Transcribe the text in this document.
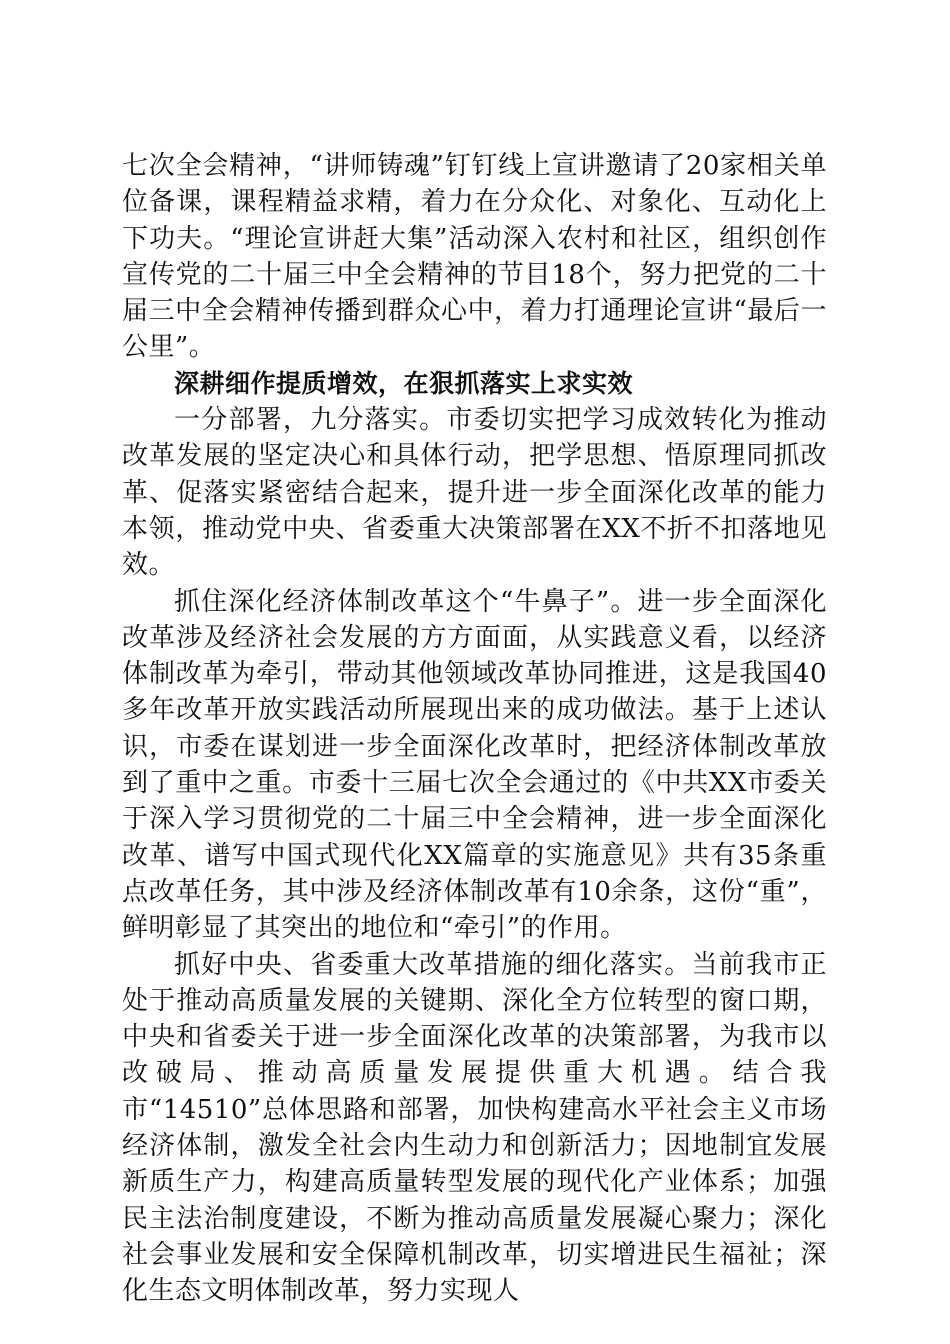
七次全会精神，“讲师铸魂”钉钉线上宣讲邀请了20家相关单位备课，课程精益求精，着力在分众化、对象化、互动化上下功夫。“理论宣讲赶大集”活动深入农村和社区，组织创作宣传党的二十届三中全会精神的节目18个，努力把党的二十届三中全会精神传播到群众心中，着力打通理论宣讲“最后一公里”。

深耕细作提质增效，在狠抓落实上求实效

一分部署，九分落实。市委切实把学习成效转化为推动改革发展的坚定决心和具体行动，把学思想、悟原理同抓改革、促落实紧密结合起来，提升进一步全面深化改革的能力本领，推动党中央、省委重大决策部署在XX不折不扣落地见效。

抓住深化经济体制改革这个“牛鼻子”。进一步全面深化改革涉及经济社会发展的方方面面，从实践意义看，以经济体制改革为牵引，带动其他领域改革协同推进，这是我国40多年改革开放实践活动所展现出来的成功做法。基于上述认识，市委在谋划进一步全面深化改革时，把经济体制改革放到了重中之重。市委十三届七次全会通过的《中共XX市委关于深入学习贯彻党的二十届三中全会精神，进一步全面深化改革、谱写中国式现代化XX篇章的实施意见》共有35条重点改革任务，其中涉及经济体制改革有10余条，这份“重”，鲜明彰显了其突出的地位和“牵引”的作用。

抓好中央、省委重大改革措施的细化落实。当前我市正处于推动高质量发展的关键期、深化全方位转型的窗口期，中央和省委关于进一步全面深化改革的决策部署，为我市以改破局、推动高质量发展提供重大机遇。结合我市“14510”总体思路和部署，加快构建高水平社会主义市场经济体制，激发全社会内生动力和创新活力；因地制宜发展新质生产力，构建高质量转型发展的现代化产业体系；加强民主法治制度建设，不断为推动高质量发展凝心聚力；深化社会事业发展和安全保障机制改革，切实增进民生福祉；深化生态文明体制改革，努力实现人
